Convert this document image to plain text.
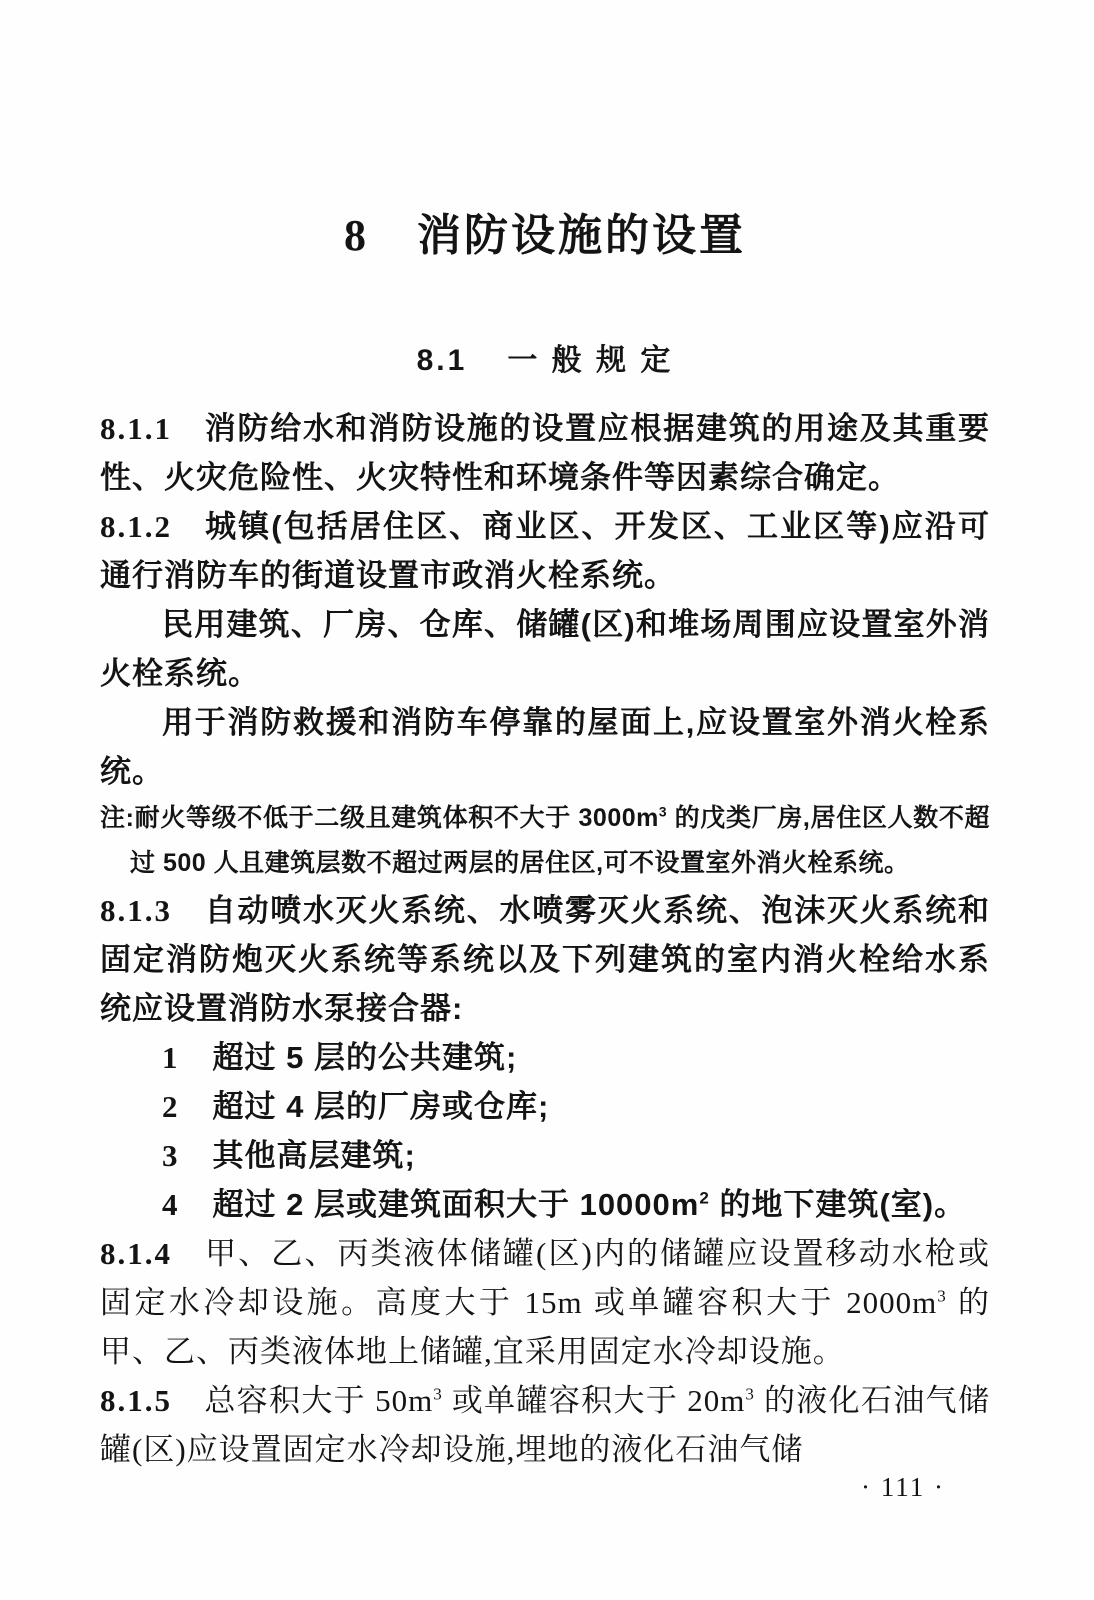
8 消防设施的设置
8.1 一 般 规 定

8.1.1 消防给水和消防设施的设置应根据建筑的用途及其重要性、火灾危险性、火灾特性和环境条件等因素综合确定。

8.1.2 城镇(包括居住区、商业区、开发区、工业区等)应沿可通行消防车的街道设置市政消火栓系统。

民用建筑、厂房、仓库、储罐(区)和堆场周围应设置室外消火栓系统。

用于消防救援和消防车停靠的屋面上,应设置室外消火栓系统。

注:耐火等级不低于二级且建筑体积不大于 $3000m^3$ 的戊类厂房,居住区人数不超过 500 人且建筑层数不超过两层的居住区,可不设置室外消火栓系统。

8.1.3 自动喷水灭火系统、水喷雾灭火系统、泡沫灭火系统和固定消防炮灭火系统等系统以及下列建筑的室内消火栓给水系统应设置消防水泵接合器:

1 超过 5 层的公共建筑;

2 超过 4 层的厂房或仓库;

3 其他高层建筑;

4 超过 2 层或建筑面积大于 $10000m^2$ 的地下建筑(室)。

8.1.4 甲、乙、丙类液体储罐(区)内的储罐应设置移动水枪或固定水冷却设施。高度大于 15m 或单罐容积大于 $2000m^3$ 的甲、乙、丙类液体地上储罐,宜采用固定水冷却设施。

8.1.5 总容积大于 $50m^3$ 或单罐容积大于 $20m^3$ 的液化石油气储罐(区)应设置固定水冷却设施,埋地的液化石油气储

· 111 ·
